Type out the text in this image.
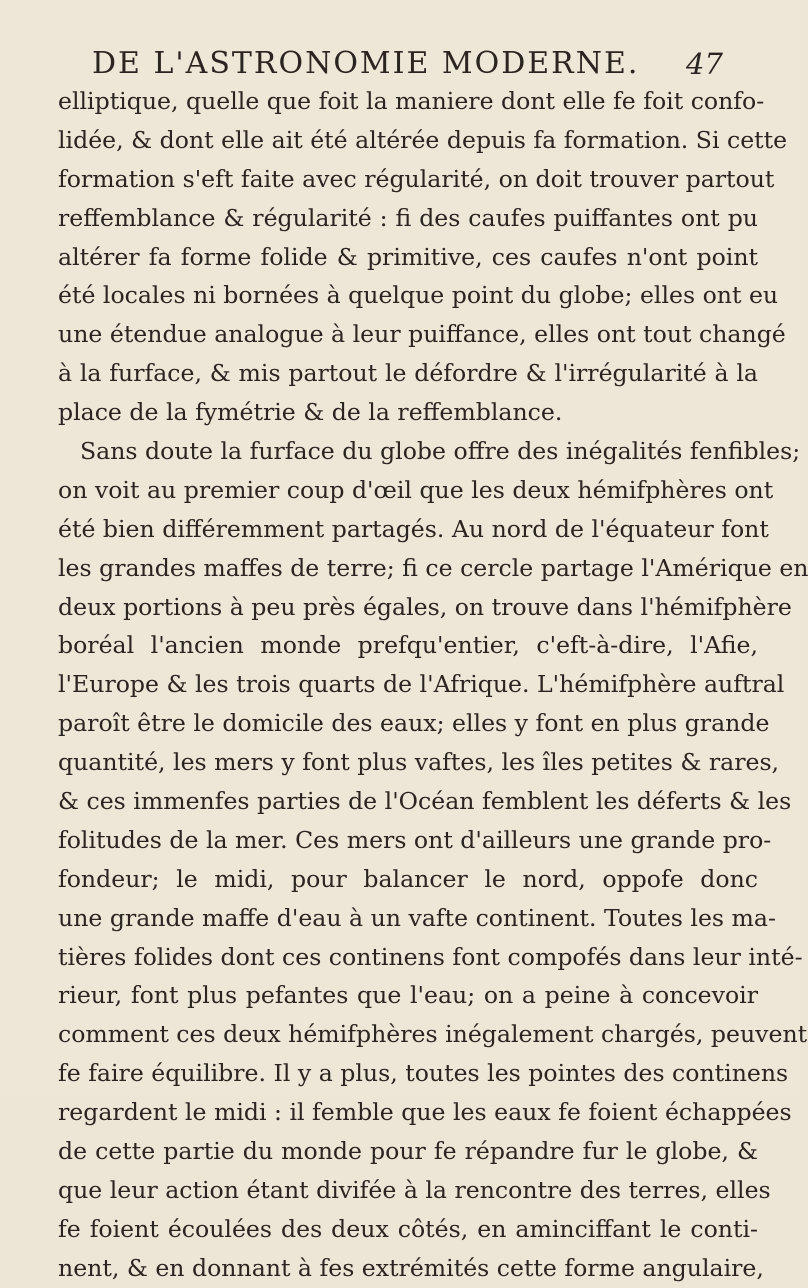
DE L'ASTRONOMIE MODERNE. 47
elliptique, quelle que foit la maniere dont elle fe foit confo-
lidée, & dont elle ait été altérée depuis fa formation. Si cette
formation s'eft faite avec régularité, on doit trouver partout
reffemblance & régularité : fi des caufes puiffantes ont pu
altérer fa forme folide & primitive, ces caufes n'ont point
été locales ni bornées à quelque point du globe; elles ont eu
une étendue analogue à leur puiffance, elles ont tout changé
à la furface, & mis partout le défordre & l'irrégularité à la
place de la fymétrie & de la reffemblance.
Sans doute la furface du globe offre des inégalités fenfibles;
on voit au premier coup d'œil que les deux hémifphères ont
été bien différemment partagés. Au nord de l'équateur font
les grandes maffes de terre; fi ce cercle partage l'Amérique en
deux portions à peu près égales, on trouve dans l'hémifphère
boréal l'ancien monde prefqu'entier, c'eft-à-dire, l'Afie,
l'Europe & les trois quarts de l'Afrique. L'hémifphère auftral
paroît être le domicile des eaux; elles y font en plus grande
quantité, les mers y font plus vaftes, les îles petites & rares,
& ces immenfes parties de l'Océan femblent les déferts & les
folitudes de la mer. Ces mers ont d'ailleurs une grande pro-
fondeur; le midi, pour balancer le nord, oppofe donc
une grande maffe d'eau à un vafte continent. Toutes les ma-
tières folides dont ces continens font compofés dans leur inté-
rieur, font plus pefantes que l'eau; on a peine à concevoir
comment ces deux hémifphères inégalement chargés, peuvent
fe faire équilibre. Il y a plus, toutes les pointes des continens
regardent le midi : il femble que les eaux fe foient échappées
de cette partie du monde pour fe répandre fur le globe, &
que leur action étant divifée à la rencontre des terres, elles
fe foient écoulées des deux côtés, en aminciffant le conti-
nent, & en donnant à fes extrémités cette forme angulaire,
